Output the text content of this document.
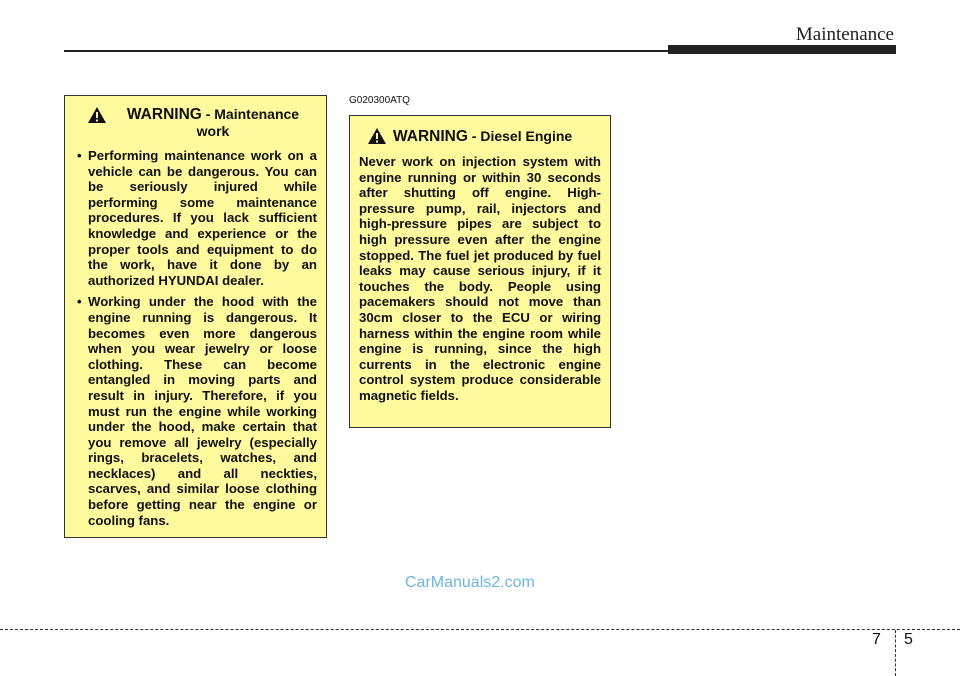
Maintenance
G020300ATQ
WARNING - Maintenance work
• Performing maintenance work on a vehicle can be dangerous. You can be seriously injured while performing some maintenance procedures. If you lack sufficient knowledge and experience or the proper tools and equipment to do the work, have it done by an authorized HYUNDAI dealer.
• Working under the hood with the engine running is dangerous. It becomes even more dangerous when you wear jewelry or loose clothing. These can become entangled in moving parts and result in injury. Therefore, if you must run the engine while working under the hood, make certain that you remove all jewelry (especially rings, bracelets, watches, and necklaces) and all neckties, scarves, and similar loose clothing before getting near the engine or cooling fans.
WARNING - Diesel Engine
Never work on injection system with engine running or within 30 seconds after shutting off engine. High-pressure pump, rail, injectors and high-pressure pipes are subject to high pressure even after the engine stopped. The fuel jet produced by fuel leaks may cause serious injury, if it touches the body. People using pacemakers should not move than 30cm closer to the ECU or wiring harness within the engine room while engine is running, since the high currents in the electronic engine control system produce considerable magnetic fields.
CarManuals2.com
7 5
